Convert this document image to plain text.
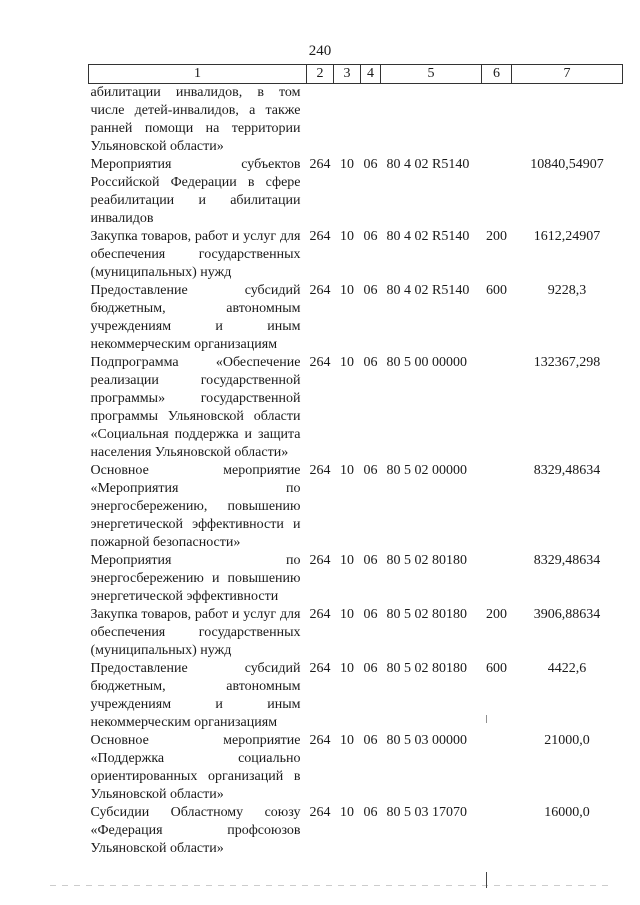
240
1	2	3	4	5	6	7
абилитации инвалидов, в том числе детей-инвалидов, а также ранней помощи на территории Ульяновской области»						
Мероприятия субъектов Российской Федерации в сфере реабилитации и абилитации инвалидов	264	10	06	80 4 02 R5140		10840,54907
Закупка товаров, работ и услуг для обеспечения государственных (муниципальных) нужд	264	10	06	80 4 02 R5140	200	1612,24907
Предоставление субсидий бюджетным, автономным учреждениям и иным некоммерческим организациям	264	10	06	80 4 02 R5140	600	9228,3
Подпрограмма «Обеспечение реализации государственной программы» государственной программы Ульяновской области «Социальная поддержка и защита населения Ульяновской области»	264	10	06	80 5 00 00000		132367,298
Основное мероприятие «Мероприятия по энергосбережению, повышению энергетической эффективности и пожарной безопасности»	264	10	06	80 5 02 00000		8329,48634
Мероприятия по энергосбережению и повышению энергетической эффективности	264	10	06	80 5 02 80180		8329,48634
Закупка товаров, работ и услуг для обеспечения государственных (муниципальных) нужд	264	10	06	80 5 02 80180	200	3906,88634
Предоставление субсидий бюджетным, автономным учреждениям и иным некоммерческим организациям	264	10	06	80 5 02 80180	600	4422,6
Основное мероприятие «Поддержка социально ориентированных организаций в Ульяновской области»	264	10	06	80 5 03 00000		21000,0
Субсидии Областному союзу «Федерация профсоюзов Ульяновской области»	264	10	06	80 5 03 17070		16000,0
